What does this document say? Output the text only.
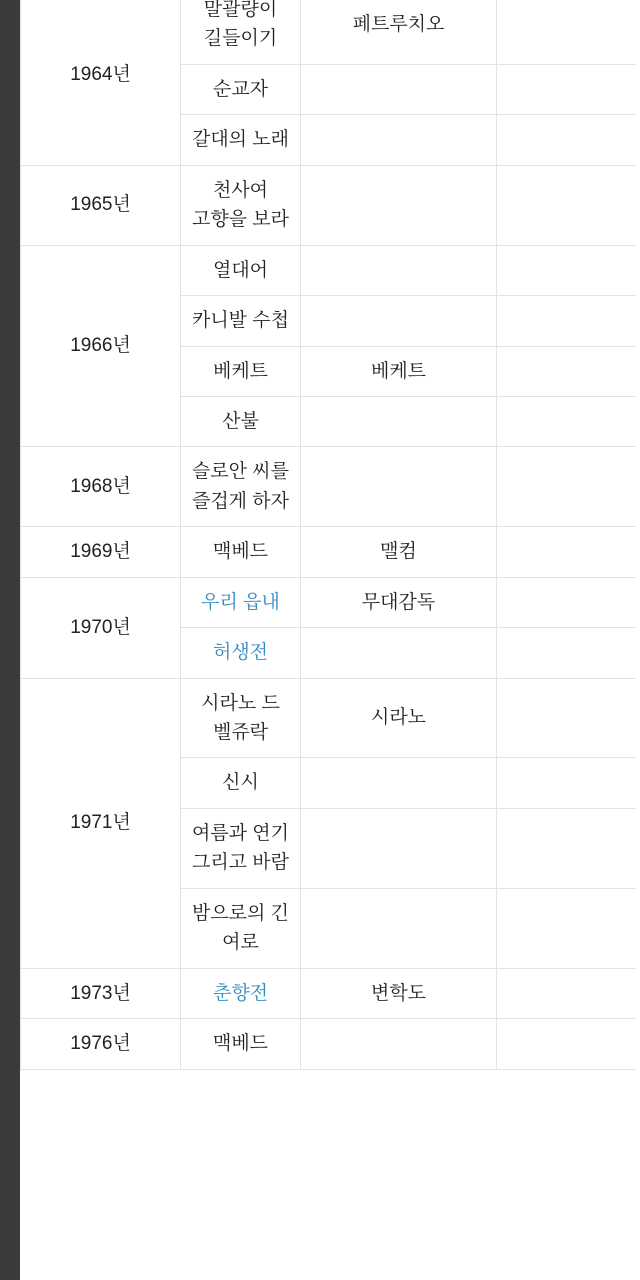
1964년	말괄량이 길들이기	페트루치오	
	순교자		
	갈대의 노래		
1965년	천사여 고향을 보라		
1966년	열대어		
	카니발 수첩		
	베케트	베케트	
	산불		
1968년	슬로안 씨를 즐겁게 하자		
1969년	맥베드	맬컴	
1970년	우리 읍내	무대감독	
	허생전		
1971년	시라노 드 벨쥬락	시라노	
	신시		
	여름과 연기 그리고 바람		
	밤으로의 긴 여로		
1973년	춘향전	변학도	
1976년	맥베드		
